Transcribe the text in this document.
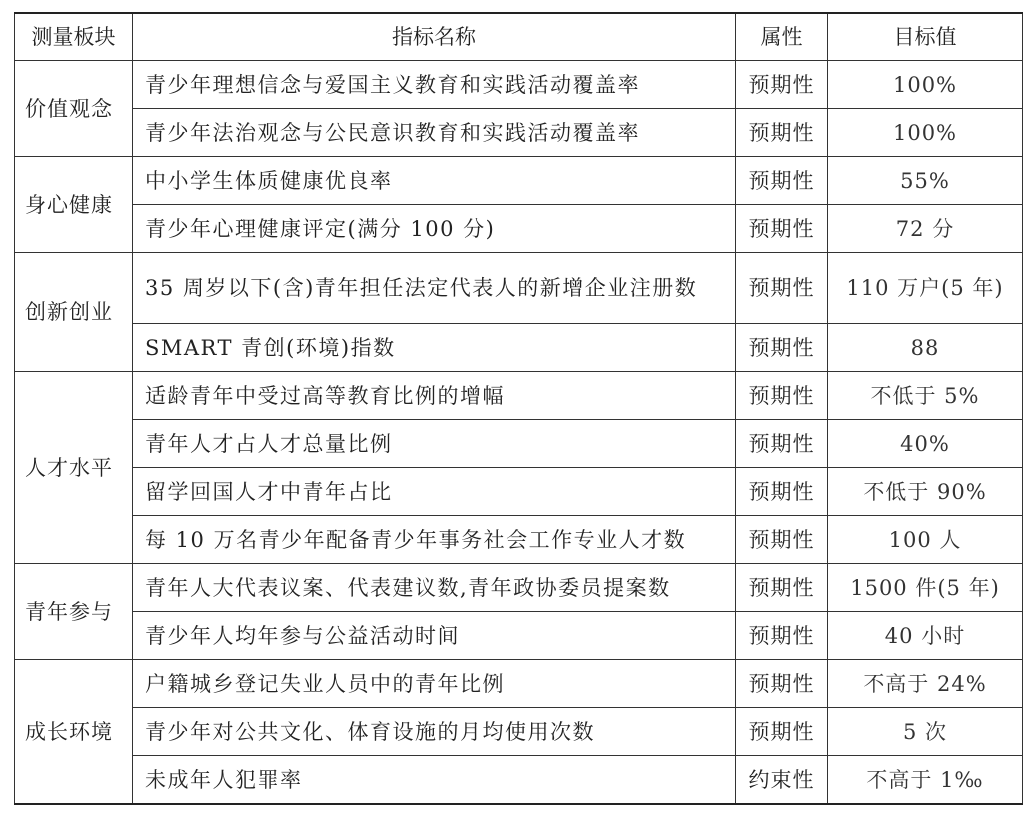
测量板块	指标名称	属性	目标值
价值观念	青少年理想信念与爱国主义教育和实践活动覆盖率	预期性	100%
	青少年法治观念与公民意识教育和实践活动覆盖率	预期性	100%
身心健康	中小学生体质健康优良率	预期性	55%
	青少年心理健康评定(满分 100 分)	预期性	72 分
创新创业	35 周岁以下(含)青年担任法定代表人的新增企业注册数	预期性	110 万户(5 年)
	SMART 青创(环境)指数	预期性	88
人才水平	适龄青年中受过高等教育比例的增幅	预期性	不低于 5%
	青年人才占人才总量比例	预期性	40%
	留学回国人才中青年占比	预期性	不低于 90%
	每 10 万名青少年配备青少年事务社会工作专业人才数	预期性	100 人
青年参与	青年人大代表议案、代表建议数,青年政协委员提案数	预期性	1500 件(5 年)
	青少年人均年参与公益活动时间	预期性	40 小时
成长环境	户籍城乡登记失业人员中的青年比例	预期性	不高于 24%
	青少年对公共文化、体育设施的月均使用次数	预期性	5 次
	未成年人犯罪率	约束性	不高于 1‰
